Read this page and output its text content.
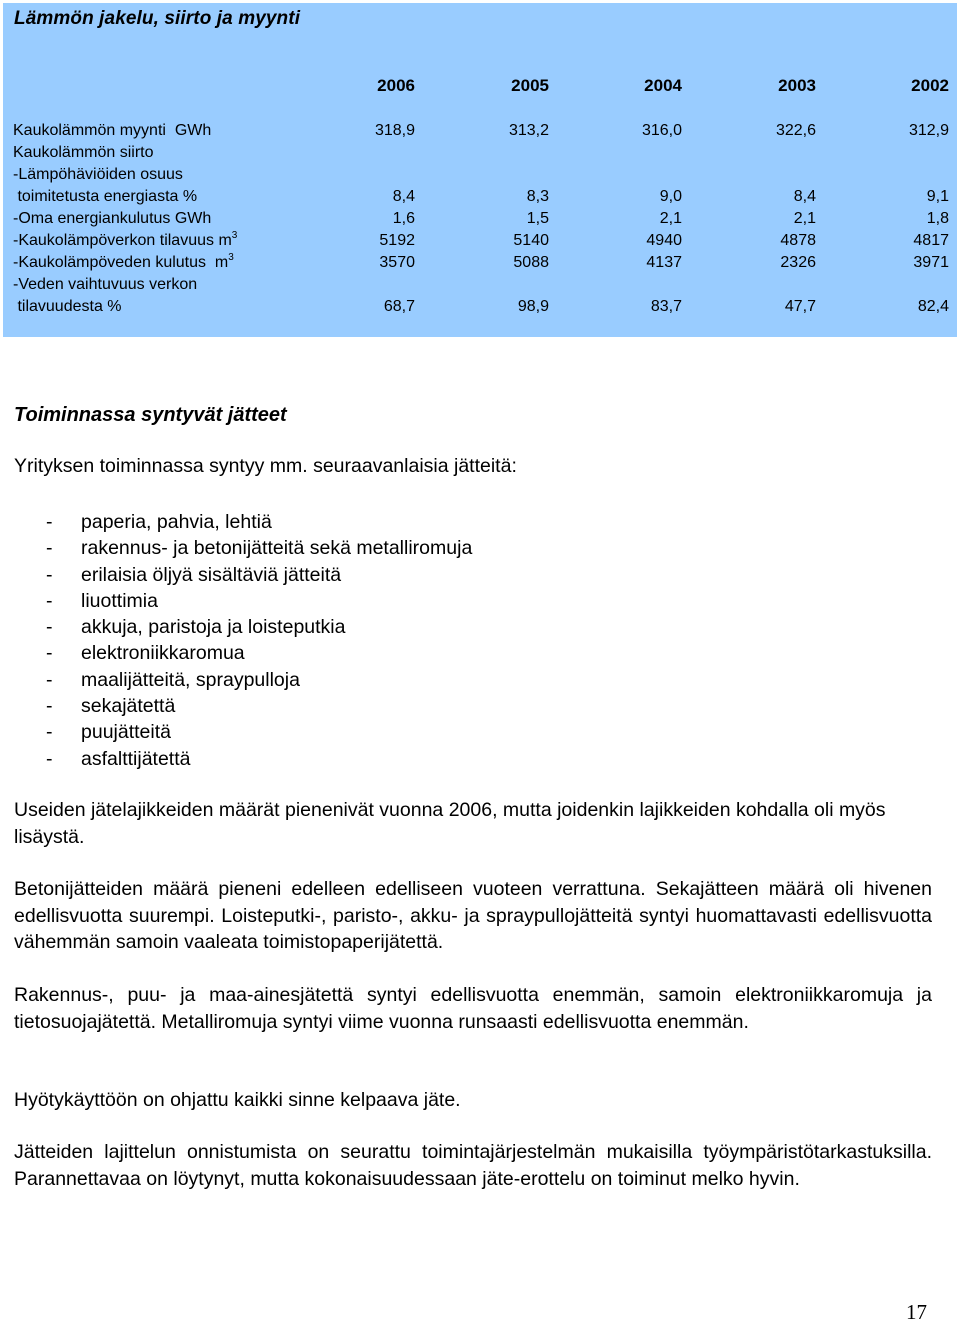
Lämmön jakelu, siirto ja myynti
2006	2005	2004	2003	2002
Kaukolämmön myynti  GWh	318,9	313,2	316,0	322,6	312,9
Kaukolämmön siirto
-Lämpöhäviöiden osuus
toimitetusta energiasta %	8,4	8,3	9,0	8,4	9,1
-Oma energiankulutus GWh	1,6	1,5	2,1	2,1	1,8
-Kaukolämpöverkon tilavuus $m^3$	5192	5140	4940	4878	4817
-Kaukolämpöveden kulutus  $m^3$	3570	5088	4137	2326	3971
-Veden vaihtuvuus verkon
tilavuudesta %	68,7	98,9	83,7	47,7	82,4
Toiminnassa syntyvät jätteet

Yrityksen toiminnassa syntyy mm. seuraavanlaisia jätteitä:

- paperia, pahvia, lehtiä
- rakennus- ja betonijätteitä sekä metalliromuja
- erilaisia öljyä sisältäviä jätteitä
- liuottimia
- akkuja, paristoja ja loisteputkia
- elektroniikkaromua
- maalijätteitä, spraypulloja
- sekajätettä
- puujätteitä
- asfalttijätettä

Useiden jätelajikkeiden määrät pienenivät vuonna 2006, mutta joidenkin lajikkeiden kohdalla oli myös lisäystä.

Betonijätteiden määrä pieneni edelleen edelliseen vuoteen verrattuna. Sekajätteen määrä oli hivenen edellisvuotta suurempi. Loisteputki-, paristo-, akku- ja spraypullojätteitä syntyi huomattavasti edellisvuotta vähemmän samoin vaaleata toimistopaperijätettä.

Rakennus-, puu- ja maa-ainesjätettä syntyi edellisvuotta enemmän, samoin elektroniikkaromuja ja tietosuojajätettä. Metalliromuja syntyi viime vuonna runsaasti edellisvuotta enemmän.

Hyötykäyttöön on ohjattu kaikki sinne kelpaava jäte.

Jätteiden lajittelun onnistumista on seurattu toimintajärjestelmän mukaisilla työympäristötarkastuksilla. Parannettavaa on löytynyt, mutta kokonaisuudessaan jäte-erottelu on toiminut melko hyvin.

17
